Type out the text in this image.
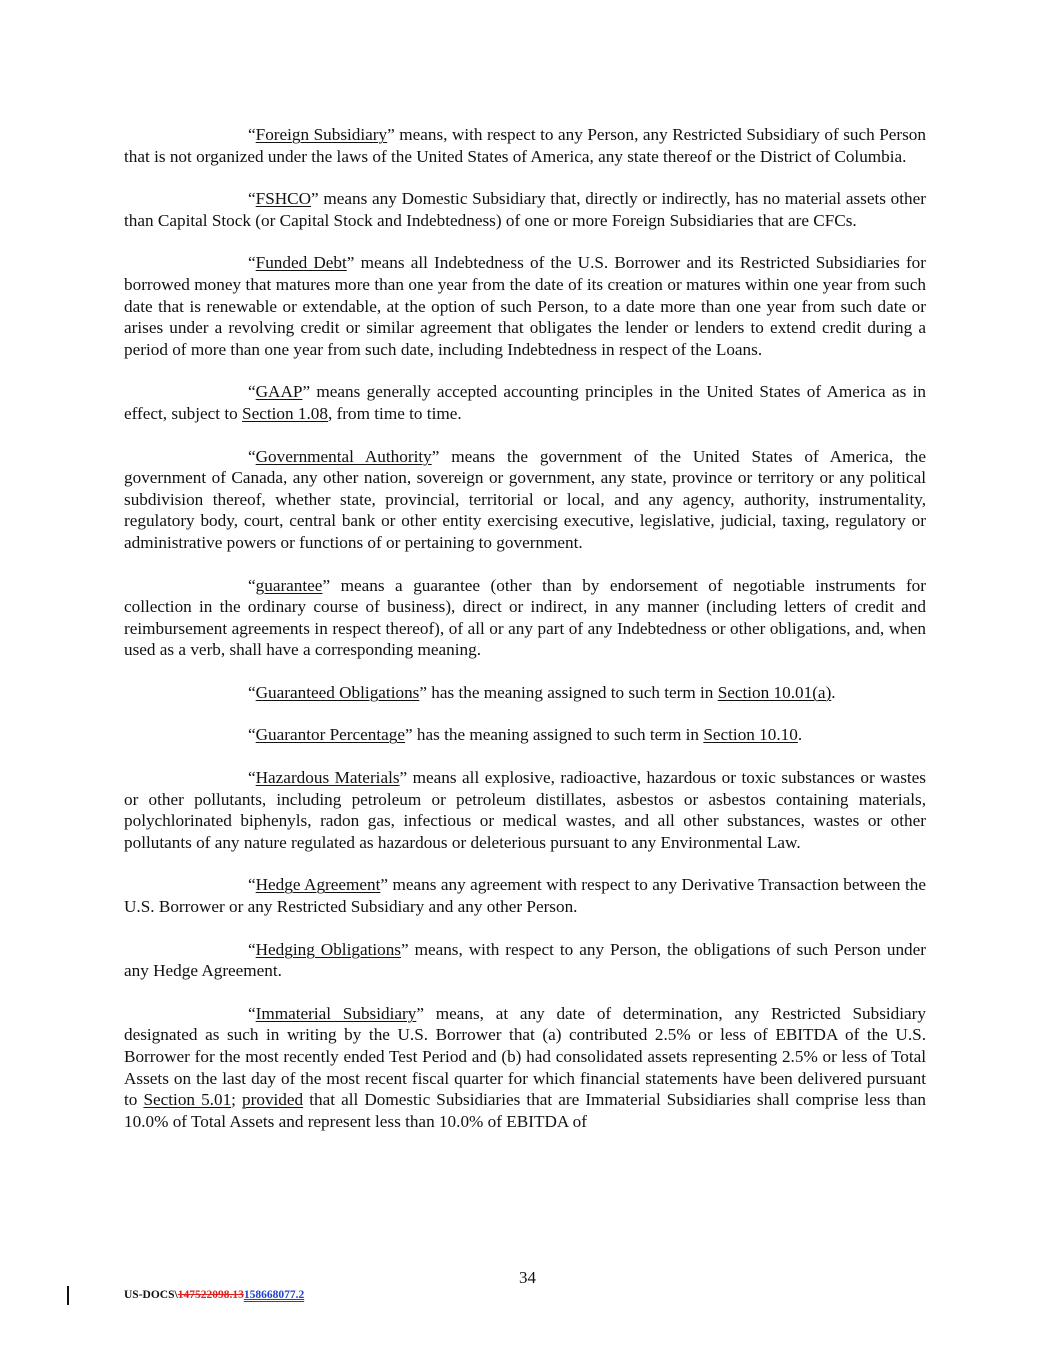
“Foreign Subsidiary” means, with respect to any Person, any Restricted Subsidiary of such Person that is not organized under the laws of the United States of America, any state thereof or the District of Columbia.

“FSHCO” means any Domestic Subsidiary that, directly or indirectly, has no material assets other than Capital Stock (or Capital Stock and Indebtedness) of one or more Foreign Subsidiaries that are CFCs.

“Funded Debt” means all Indebtedness of the U.S. Borrower and its Restricted Subsidiaries for borrowed money that matures more than one year from the date of its creation or matures within one year from such date that is renewable or extendable, at the option of such Person, to a date more than one year from such date or arises under a revolving credit or similar agreement that obligates the lender or lenders to extend credit during a period of more than one year from such date, including Indebtedness in respect of the Loans.

“GAAP” means generally accepted accounting principles in the United States of America as in effect, subject to Section 1.08, from time to time.

“Governmental Authority” means the government of the United States of America, the government of Canada, any other nation, sovereign or government, any state, province or territory or any political subdivision thereof, whether state, provincial, territorial or local, and any agency, authority, instrumentality, regulatory body, court, central bank or other entity exercising executive, legislative, judicial, taxing, regulatory or administrative powers or functions of or pertaining to government.

“guarantee” means a guarantee (other than by endorsement of negotiable instruments for collection in the ordinary course of business), direct or indirect, in any manner (including letters of credit and reimbursement agreements in respect thereof), of all or any part of any Indebtedness or other obligations, and, when used as a verb, shall have a corresponding meaning.

“Guaranteed Obligations” has the meaning assigned to such term in Section 10.01(a).

“Guarantor Percentage” has the meaning assigned to such term in Section 10.10.

“Hazardous Materials” means all explosive, radioactive, hazardous or toxic substances or wastes or other pollutants, including petroleum or petroleum distillates, asbestos or asbestos containing materials, polychlorinated biphenyls, radon gas, infectious or medical wastes, and all other substances, wastes or other pollutants of any nature regulated as hazardous or deleterious pursuant to any Environmental Law.

“Hedge Agreement” means any agreement with respect to any Derivative Transaction between the U.S. Borrower or any Restricted Subsidiary and any other Person.

“Hedging Obligations” means, with respect to any Person, the obligations of such Person under any Hedge Agreement.

“Immaterial Subsidiary” means, at any date of determination, any Restricted Subsidiary designated as such in writing by the U.S. Borrower that (a) contributed 2.5% or less of EBITDA of the U.S. Borrower for the most recently ended Test Period and (b) had consolidated assets representing 2.5% or less of Total Assets on the last day of the most recent fiscal quarter for which financial statements have been delivered pursuant to Section 5.01; provided that all Domestic Subsidiaries that are Immaterial Subsidiaries shall comprise less than 10.0% of Total Assets and represent less than 10.0% of EBITDA of

34
US-DOCS\147522098.13158668077.2
